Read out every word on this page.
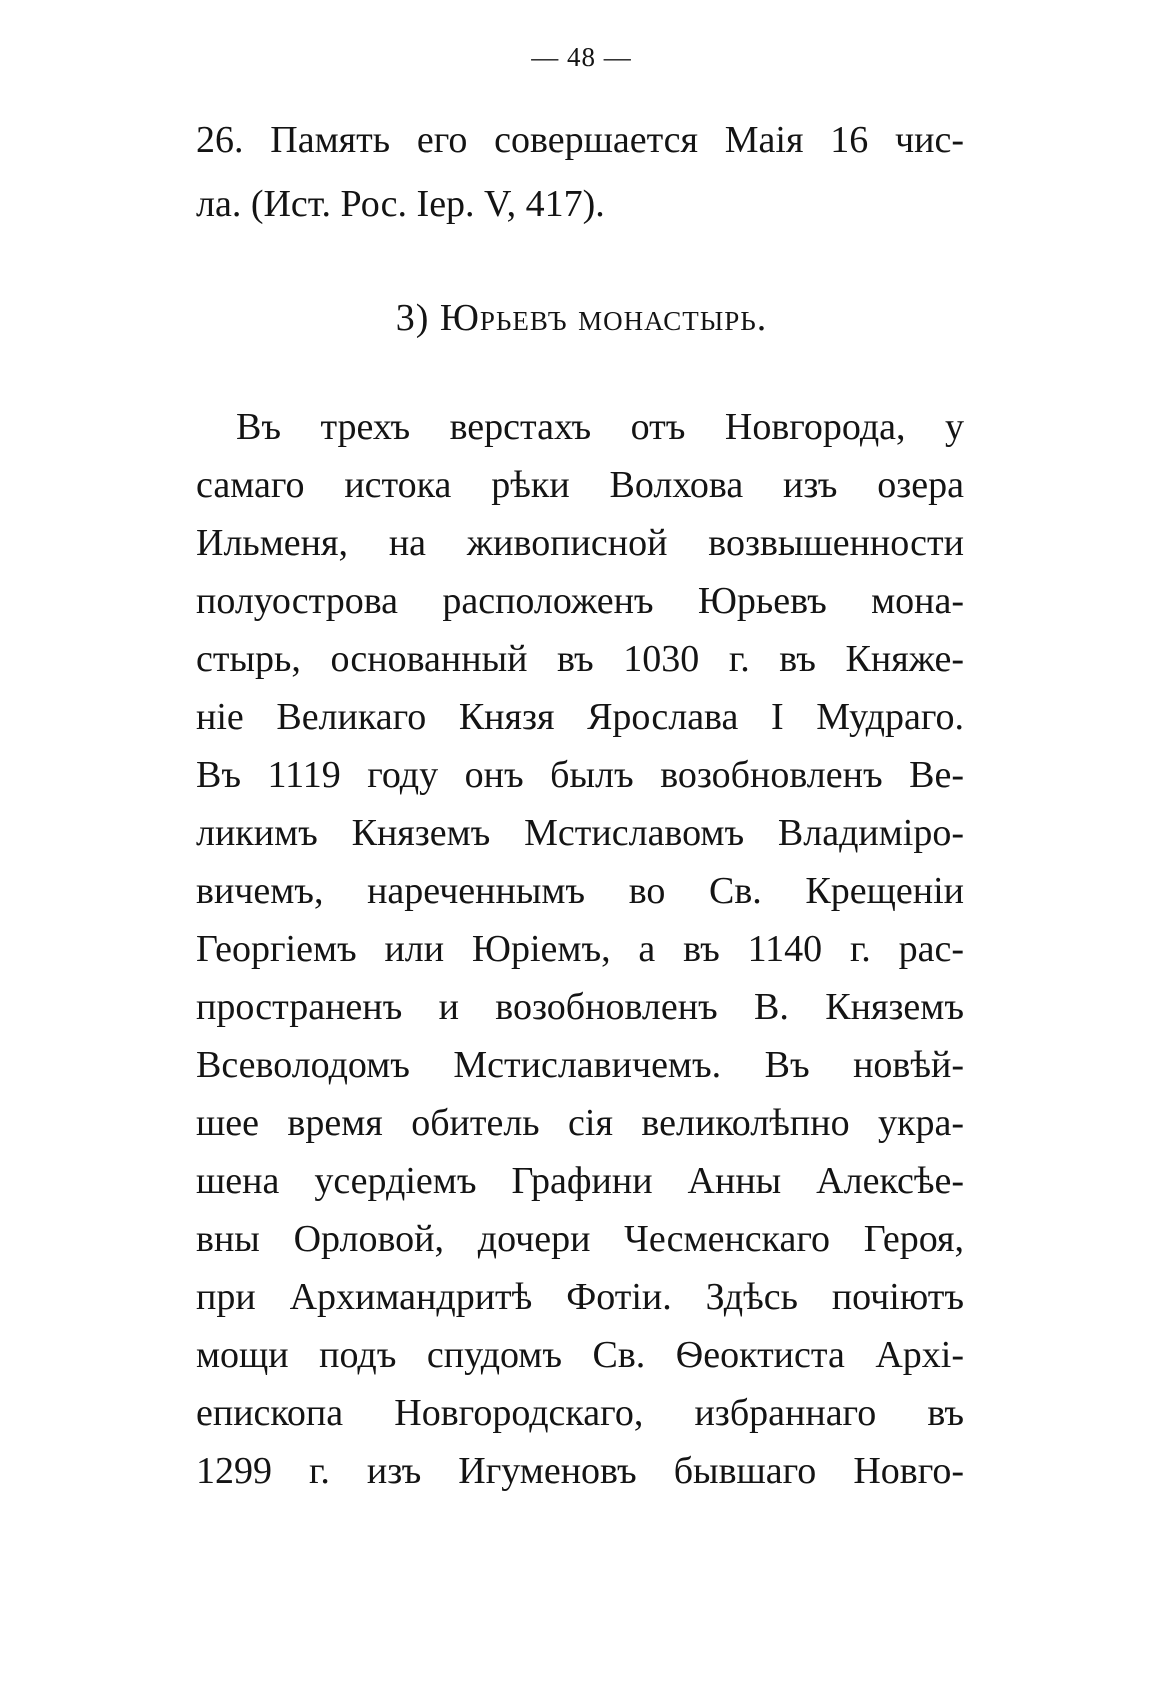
— 48 —
26. Память его совершается Маія 16 чис-
ла. (Ист. Рос. Іер. V, 417).
3) Юрьевъ монастырь.
Въ трехъ верстахъ отъ Новгорода, у
самаго истока рѣки Волхова изъ озера
Ильменя, на живописной возвышенности
полуострова расположенъ Юрьевъ мона-
стырь, основанный въ 1030 г. въ Княже-
ніе Великаго Князя Ярослава I Мудраго.
Въ 1119 году онъ былъ возобновленъ Ве-
ликимъ Княземъ Мстиславомъ Владиміро-
вичемъ, нареченнымъ во Св. Крещеніи
Георгіемъ или Юріемъ, а въ 1140 г. рас-
пространенъ и возобновленъ В. Княземъ
Всеволодомъ Мстиславичемъ. Въ новѣй-
шее время обитель сія великолѣпно укра-
шена усердіемъ Графини Анны Алексѣе-
вны Орловой, дочери Чесменскаго Героя,
при Архимандритѣ Фотіи. Здѣсь почіютъ
мощи подъ спудомъ Св. Ѳеоктиста Архі-
епископа Новгородскаго, избраннаго въ
1299 г. изъ Игуменовъ бывшаго Новго-
